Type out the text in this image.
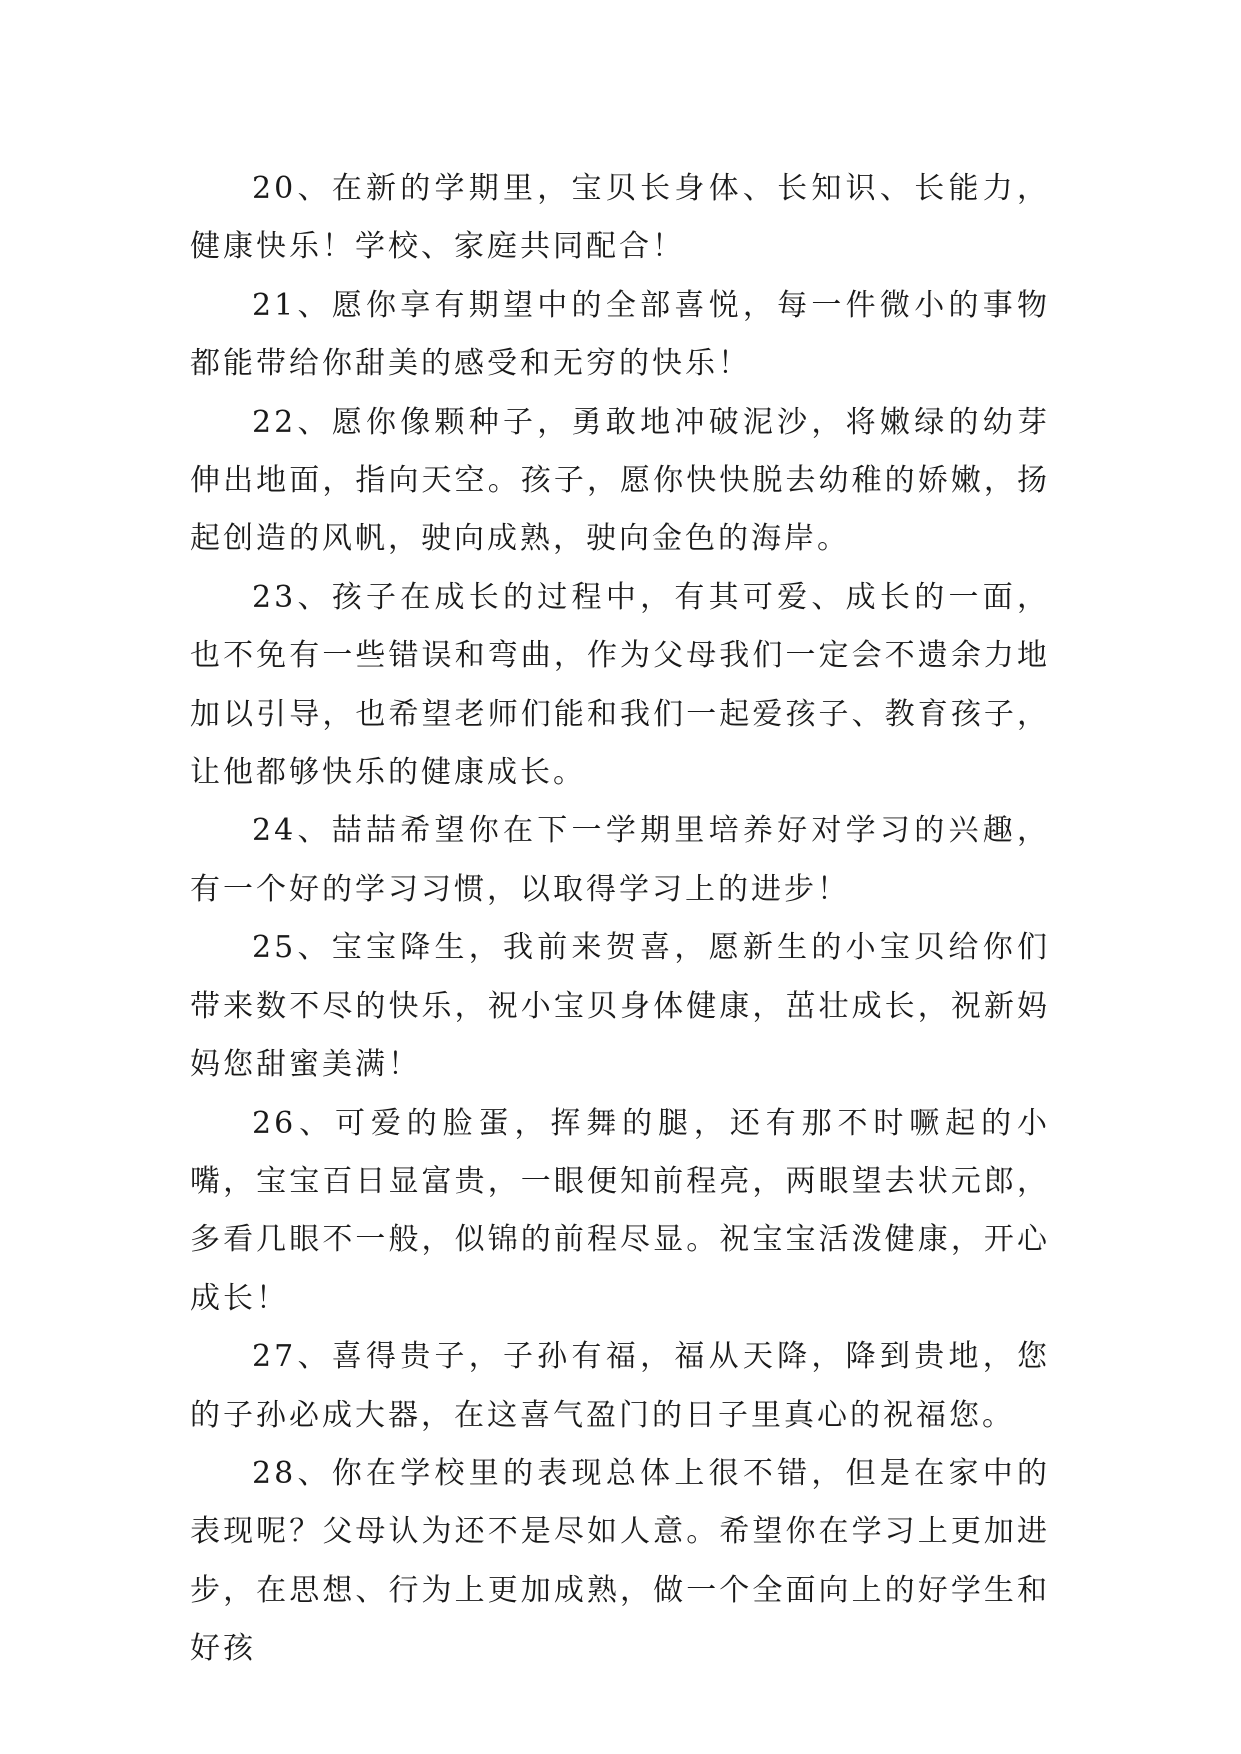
20、在新的学期里，宝贝长身体、长知识、长能力，健康快乐！学校、家庭共同配合！

21、愿你享有期望中的全部喜悦，每一件微小的事物都能带给你甜美的感受和无穷的快乐！

22、愿你像颗种子，勇敢地冲破泥沙，将嫩绿的幼芽伸出地面，指向天空。孩子，愿你快快脱去幼稚的娇嫩，扬起创造的风帆，驶向成熟，驶向金色的海岸。

23、孩子在成长的过程中，有其可爱、成长的一面，也不免有一些错误和弯曲，作为父母我们一定会不遗余力地加以引导，也希望老师们能和我们一起爱孩子、教育孩子，让他都够快乐的健康成长。

24、喆喆希望你在下一学期里培养好对学习的兴趣，有一个好的学习习惯，以取得学习上的进步！

25、宝宝降生，我前来贺喜，愿新生的小宝贝给你们带来数不尽的快乐，祝小宝贝身体健康，茁壮成长，祝新妈妈您甜蜜美满！

26、可爱的脸蛋，挥舞的腿，还有那不时噘起的小嘴，宝宝百日显富贵，一眼便知前程亮，两眼望去状元郎，多看几眼不一般，似锦的前程尽显。祝宝宝活泼健康，开心成长！

27、喜得贵子，子孙有福，福从天降，降到贵地，您的子孙必成大器，在这喜气盈门的日子里真心的祝福您。

28、你在学校里的表现总体上很不错，但是在家中的表现呢？父母认为还不是尽如人意。希望你在学习上更加进步，在思想、行为上更加成熟，做一个全面向上的好学生和好孩
